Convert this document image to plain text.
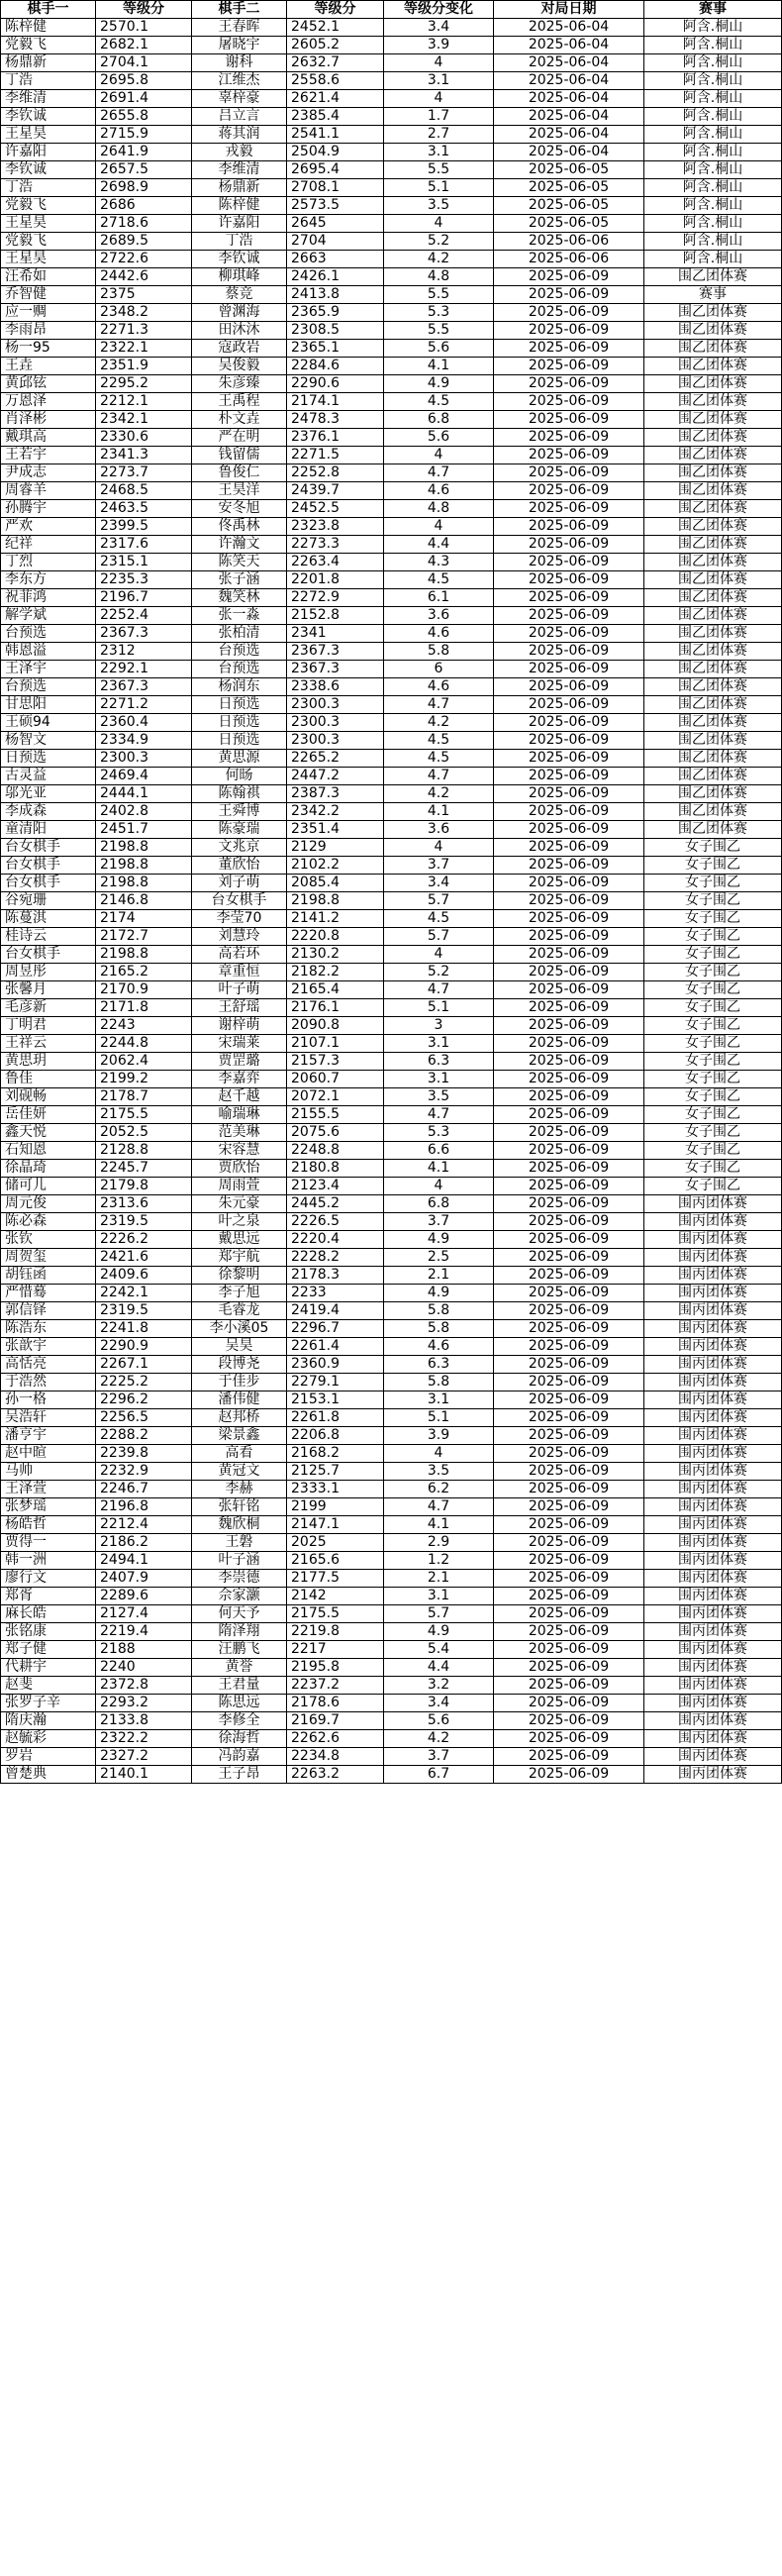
棋手一	等级分	棋手二	等级分	等级分变化	对局日期	赛事
陈梓健	2570.1	王春晖	2452.1	3.4	2025-06-04	阿含.桐山
党毅飞	2682.1	屠晓宇	2605.2	3.9	2025-06-04	阿含.桐山
杨鼎新	2704.1	谢科	2632.7	4	2025-06-04	阿含.桐山
丁浩	2695.8	江维杰	2558.6	3.1	2025-06-04	阿含.桐山
李维清	2691.4	辜梓豪	2621.4	4	2025-06-04	阿含.桐山
李钦诚	2655.8	吕立言	2385.4	1.7	2025-06-04	阿含.桐山
王星昊	2715.9	蒋其润	2541.1	2.7	2025-06-04	阿含.桐山
许嘉阳	2641.9	戎毅	2504.9	3.1	2025-06-04	阿含.桐山
李钦诚	2657.5	李维清	2695.4	5.5	2025-06-05	阿含.桐山
丁浩	2698.9	杨鼎新	2708.1	5.1	2025-06-05	阿含.桐山
党毅飞	2686	陈梓健	2573.5	3.5	2025-06-05	阿含.桐山
王星昊	2718.6	许嘉阳	2645	4	2025-06-05	阿含.桐山
党毅飞	2689.5	丁浩	2704	5.2	2025-06-06	阿含.桐山
王星昊	2722.6	李钦诚	2663	4.2	2025-06-06	阿含.桐山
汪希如	2442.6	柳琪峰	2426.1	4.8	2025-06-09	围乙团体赛
乔智健	2375	蔡竞	2413.8	5.5	2025-06-09	赛事
应一赒	2348.2	曾渊海	2365.9	5.3	2025-06-09	围乙团体赛
李雨昂	2271.3	田沐沐	2308.5	5.5	2025-06-09	围乙团体赛
杨一95	2322.1	寇政岩	2365.1	5.6	2025-06-09	围乙团体赛
王垚	2351.9	吴俊毅	2284.6	4.1	2025-06-09	围乙团体赛
黄邱铉	2295.2	朱彦臻	2290.6	4.9	2025-06-09	围乙团体赛
万恩泽	2212.1	王禹程	2174.1	4.5	2025-06-09	围乙团体赛
肖泽彬	2342.1	朴文垚	2478.3	6.8	2025-06-09	围乙团体赛
戴琪高	2330.6	严在明	2376.1	5.6	2025-06-09	围乙团体赛
王若宇	2341.3	钱留儒	2271.5	4	2025-06-09	围乙团体赛
尹成志	2273.7	鲁俊仁	2252.8	4.7	2025-06-09	围乙团体赛
周睿羊	2468.5	王昊洋	2439.7	4.6	2025-06-09	围乙团体赛
孙腾宇	2463.5	安冬旭	2452.5	4.8	2025-06-09	围乙团体赛
严欢	2399.5	佟禹林	2323.8	4	2025-06-09	围乙团体赛
纪祥	2317.6	许瀚文	2273.3	4.4	2025-06-09	围乙团体赛
丁烈	2315.1	陈笑天	2263.4	4.3	2025-06-09	围乙团体赛
李东方	2235.3	张子涵	2201.8	4.5	2025-06-09	围乙团体赛
祝菲鸿	2196.7	魏笑林	2272.9	6.1	2025-06-09	围乙团体赛
解学斌	2252.4	张一淼	2152.8	3.6	2025-06-09	围乙团体赛
台预选	2367.3	张柏清	2341	4.6	2025-06-09	围乙团体赛
韩恩溢	2312	台预选	2367.3	5.8	2025-06-09	围乙团体赛
王泽宇	2292.1	台预选	2367.3	6	2025-06-09	围乙团体赛
台预选	2367.3	杨润东	2338.6	4.6	2025-06-09	围乙团体赛
甘思阳	2271.2	日预选	2300.3	4.7	2025-06-09	围乙团体赛
王硕94	2360.4	日预选	2300.3	4.2	2025-06-09	围乙团体赛
杨智文	2334.9	日预选	2300.3	4.5	2025-06-09	围乙团体赛
日预选	2300.3	黄思源	2265.2	4.5	2025-06-09	围乙团体赛
古灵益	2469.4	何旸	2447.2	4.7	2025-06-09	围乙团体赛
邬光亚	2444.1	陈翰祺	2387.3	4.2	2025-06-09	围乙团体赛
李成森	2402.8	王舜博	2342.2	4.1	2025-06-09	围乙团体赛
童清阳	2451.7	陈豪瑞	2351.4	3.6	2025-06-09	围乙团体赛
台女棋手	2198.8	文兆京	2129	4	2025-06-09	女子围乙
台女棋手	2198.8	董欣怡	2102.2	3.7	2025-06-09	女子围乙
台女棋手	2198.8	刘子萌	2085.4	3.4	2025-06-09	女子围乙
谷宛珊	2146.8	台女棋手	2198.8	5.7	2025-06-09	女子围乙
陈蔓淇	2174	李莹70	2141.2	4.5	2025-06-09	女子围乙
桂诗云	2172.7	刘慧玲	2220.8	5.7	2025-06-09	女子围乙
台女棋手	2198.8	高若环	2130.2	4	2025-06-09	女子围乙
周昱彤	2165.2	章重恒	2182.2	5.2	2025-06-09	女子围乙
张馨月	2170.9	叶子萌	2165.4	4.7	2025-06-09	女子围乙
毛彦新	2171.8	王舒瑶	2176.1	5.1	2025-06-09	女子围乙
丁明君	2243	谢梓萌	2090.8	3	2025-06-09	女子围乙
王祥云	2244.8	宋瑞莱	2107.1	3.1	2025-06-09	女子围乙
黄思玥	2062.4	贾罡璐	2157.3	6.3	2025-06-09	女子围乙
鲁佳	2199.2	李嘉弈	2060.7	3.1	2025-06-09	女子围乙
刘砚畅	2178.7	赵千越	2072.1	3.5	2025-06-09	女子围乙
岳佳妍	2175.5	喻瑞琳	2155.5	4.7	2025-06-09	女子围乙
鑫天悦	2052.5	范美琳	2075.6	5.3	2025-06-09	女子围乙
石知恩	2128.8	宋容慧	2248.8	6.6	2025-06-09	女子围乙
徐晶琦	2245.7	贾欣怡	2180.8	4.1	2025-06-09	女子围乙
储可儿	2179.8	周雨萱	2123.4	4	2025-06-09	女子围乙
周元俊	2313.6	朱元豪	2445.2	6.8	2025-06-09	围丙团体赛
陈必森	2319.5	叶之泉	2226.5	3.7	2025-06-09	围丙团体赛
张钦	2226.2	戴思远	2220.4	4.9	2025-06-09	围丙团体赛
周贺玺	2421.6	郑宇航	2228.2	2.5	2025-06-09	围丙团体赛
胡钰函	2409.6	徐黎明	2178.3	2.1	2025-06-09	围丙团体赛
严惜蓦	2242.1	李子旭	2233	4.9	2025-06-09	围丙团体赛
郭信铎	2319.5	毛睿龙	2419.4	5.8	2025-06-09	围丙团体赛
陈浩东	2241.8	李小溪05	2296.7	5.8	2025-06-09	围丙团体赛
张歆宇	2290.9	吴昊	2261.4	4.6	2025-06-09	围丙团体赛
高恬亮	2267.1	段博尧	2360.9	6.3	2025-06-09	围丙团体赛
于浩然	2225.2	于佳步	2279.1	5.8	2025-06-09	围丙团体赛
孙一格	2296.2	潘伟健	2153.1	3.1	2025-06-09	围丙团体赛
吴浩轩	2256.5	赵邦桥	2261.8	5.1	2025-06-09	围丙团体赛
潘亨宇	2288.2	梁景鑫	2206.8	3.9	2025-06-09	围丙团体赛
赵中暄	2239.8	高看	2168.2	4	2025-06-09	围丙团体赛
马帅	2232.9	黄冠文	2125.7	3.5	2025-06-09	围丙团体赛
王泽萱	2246.7	李赫	2333.1	6.2	2025-06-09	围丙团体赛
张梦瑶	2196.8	张轩铭	2199	4.7	2025-06-09	围丙团体赛
杨皓哲	2212.4	魏欣桐	2147.1	4.1	2025-06-09	围丙团体赛
贾得一	2186.2	王磐	2025	2.9	2025-06-09	围丙团体赛
韩一洲	2494.1	叶子涵	2165.6	1.2	2025-06-09	围丙团体赛
廖行文	2407.9	李崇德	2177.5	2.1	2025-06-09	围丙团体赛
郑胥	2289.6	佘家灏	2142	3.1	2025-06-09	围丙团体赛
麻长皓	2127.4	何天予	2175.5	5.7	2025-06-09	围丙团体赛
张铭康	2219.4	隋泽翔	2219.8	4.9	2025-06-09	围丙团体赛
郑子健	2188	汪鹏飞	2217	5.4	2025-06-09	围丙团体赛
代耕宇	2240	黄誉	2195.8	4.4	2025-06-09	围丙团体赛
赵斐	2372.8	王君量	2237.2	3.2	2025-06-09	围丙团体赛
张罗子辛	2293.2	陈思远	2178.6	3.4	2025-06-09	围丙团体赛
隋庆瀚	2133.8	李修全	2169.7	5.6	2025-06-09	围丙团体赛
赵毓彩	2322.2	徐海哲	2262.6	4.2	2025-06-09	围丙团体赛
罗岩	2327.2	冯韵嘉	2234.8	3.7	2025-06-09	围丙团体赛
曾楚典	2140.1	王子昂	2263.2	6.7	2025-06-09	围丙团体赛
